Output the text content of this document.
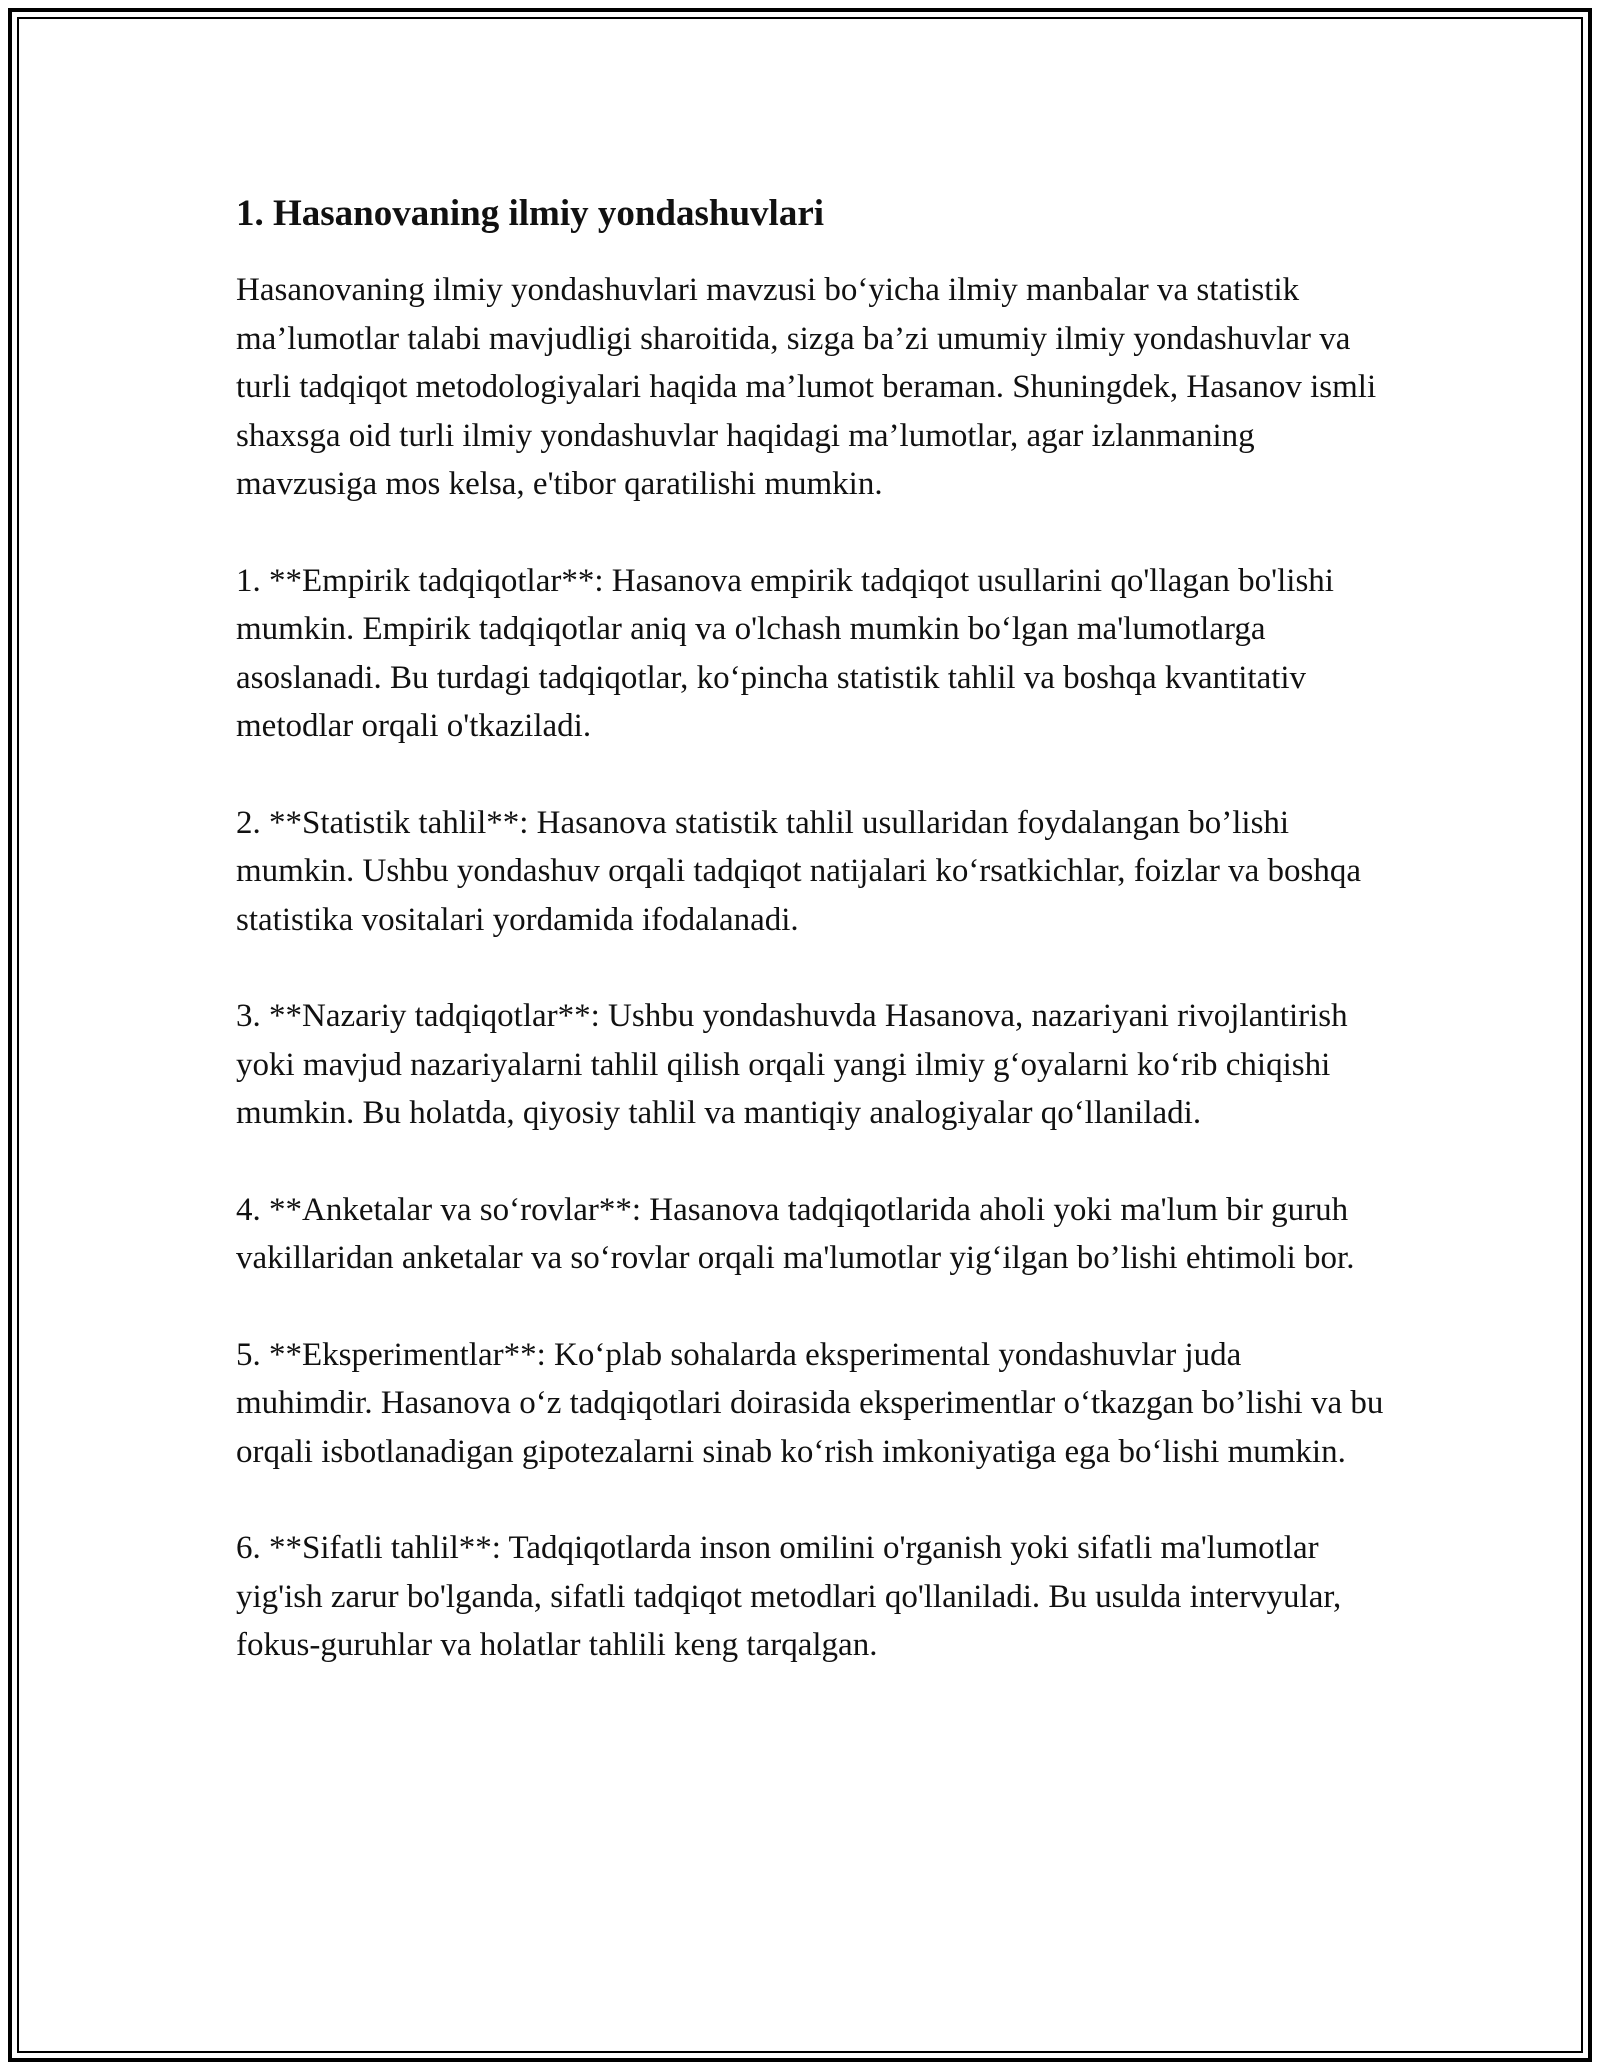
1. Hasanovaning ilmiy yondashuvlari

Hasanovaning ilmiy yondashuvlari mavzusi bo‘yicha ilmiy manbalar va statistik ma’lumotlar talabi mavjudligi sharoitida, sizga ba’zi umumiy ilmiy yondashuvlar va turli tadqiqot metodologiyalari haqida ma’lumot beraman. Shuningdek, Hasanov ismli shaxsga oid turli ilmiy yondashuvlar haqidagi ma’lumotlar, agar izlanmaning mavzusiga mos kelsa, e'tibor qaratilishi mumkin.

1. **Empirik tadqiqotlar**: Hasanova empirik tadqiqot usullarini qo'llagan bo'lishi mumkin. Empirik tadqiqotlar aniq va o'lchash mumkin bo‘lgan ma'lumotlarga asoslanadi. Bu turdagi tadqiqotlar, ko‘pincha statistik tahlil va boshqa kvantitativ metodlar orqali o'tkaziladi.

2. **Statistik tahlil**: Hasanova statistik tahlil usullaridan foydalangan bo’lishi mumkin. Ushbu yondashuv orqali tadqiqot natijalari ko‘rsatkichlar, foizlar va boshqa statistika vositalari yordamida ifodalanadi.

3. **Nazariy tadqiqotlar**: Ushbu yondashuvda Hasanova, nazariyani rivojlantirish yoki mavjud nazariyalarni tahlil qilish orqali yangi ilmiy g‘oyalarni ko‘rib chiqishi mumkin. Bu holatda, qiyosiy tahlil va mantiqiy analogiyalar qo‘llaniladi.

4. **Anketalar va so‘rovlar**: Hasanova tadqiqotlarida aholi yoki ma'lum bir guruh vakillaridan anketalar va so‘rovlar orqali ma'lumotlar yig‘ilgan bo’lishi ehtimoli bor.

5. **Eksperimentlar**: Ko‘plab sohalarda eksperimental yondashuvlar juda muhimdir. Hasanova o‘z tadqiqotlari doirasida eksperimentlar o‘tkazgan bo’lishi va bu orqali isbotlanadigan gipotezalarni sinab ko‘rish imkoniyatiga ega bo‘lishi mumkin.

6. **Sifatli tahlil**: Tadqiqotlarda inson omilini o'rganish yoki sifatli ma'lumotlar yig'ish zarur bo'lganda, sifatli tadqiqot metodlari qo'llaniladi. Bu usulda intervyular, fokus-guruhlar va holatlar tahlili keng tarqalgan.
